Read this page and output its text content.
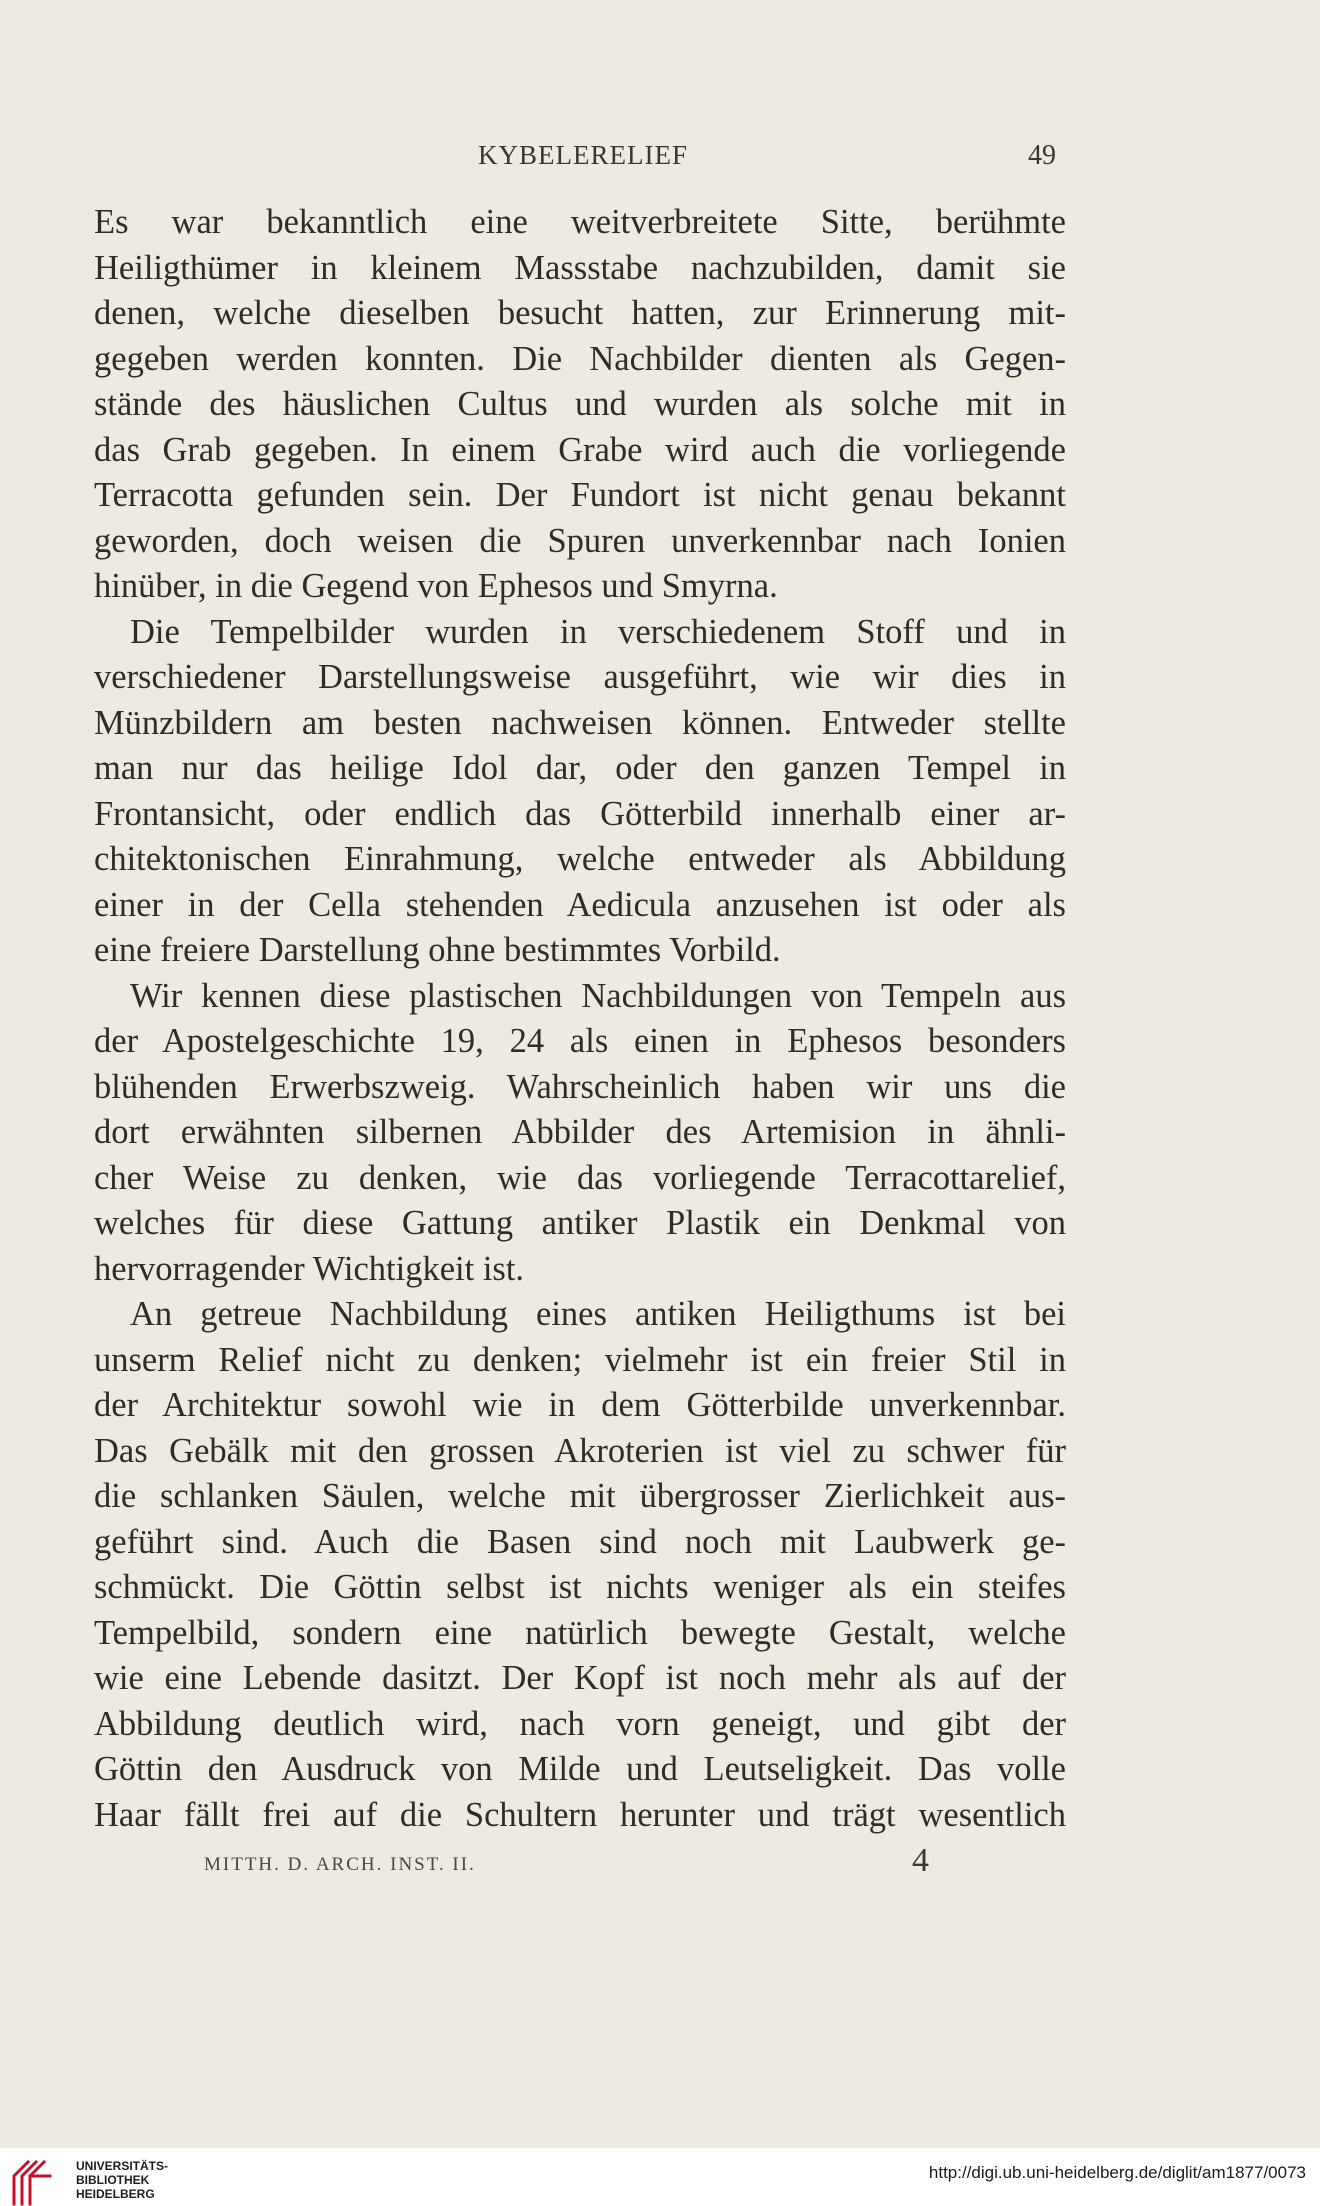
KYBELERELIEF	49
Es war bekanntlich eine weitverbreitete Sitte, berühmte
Heiligthümer in kleinem Massstabe nachzubilden, damit sie
denen, welche dieselben besucht hatten, zur Erinnerung mit-
gegeben werden konnten. Die Nachbilder dienten als Gegen-
stände des häuslichen Cultus und wurden als solche mit in
das Grab gegeben. In einem Grabe wird auch die vorliegende
Terracotta gefunden sein. Der Fundort ist nicht genau bekannt
geworden, doch weisen die Spuren unverkennbar nach Ionien
hinüber, in die Gegend von Ephesos und Smyrna.
Die Tempelbilder wurden in verschiedenem Stoff und in
verschiedener Darstellungsweise ausgeführt, wie wir dies in
Münzbildern am besten nachweisen können. Entweder stellte
man nur das heilige Idol dar, oder den ganzen Tempel in
Frontansicht, oder endlich das Götterbild innerhalb einer ar-
chitektonischen Einrahmung, welche entweder als Abbildung
einer in der Cella stehenden Aedicula anzusehen ist oder als
eine freiere Darstellung ohne bestimmtes Vorbild.
Wir kennen diese plastischen Nachbildungen von Tempeln aus
der Apostelgeschichte 19, 24 als einen in Ephesos besonders
blühenden Erwerbszweig. Wahrscheinlich haben wir uns die
dort erwähnten silbernen Abbilder des Artemision in ähnli-
cher Weise zu denken, wie das vorliegende Terracottarelief,
welches für diese Gattung antiker Plastik ein Denkmal von
hervorragender Wichtigkeit ist.
An getreue Nachbildung eines antiken Heiligthums ist bei
unserm Relief nicht zu denken; vielmehr ist ein freier Stil in
der Architektur sowohl wie in dem Götterbilde unverkennbar.
Das Gebälk mit den grossen Akroterien ist viel zu schwer für
die schlanken Säulen, welche mit übergrosser Zierlichkeit aus-
geführt sind. Auch die Basen sind noch mit Laubwerk ge-
schmückt. Die Göttin selbst ist nichts weniger als ein steifes
Tempelbild, sondern eine natürlich bewegte Gestalt, welche
wie eine Lebende dasitzt. Der Kopf ist noch mehr als auf der
Abbildung deutlich wird, nach vorn geneigt, und gibt der
Göttin den Ausdruck von Milde und Leutseligkeit. Das volle
Haar fällt frei auf die Schultern herunter und trägt wesentlich
MITTH. D. ARCH. INST. II.	4
UNIVERSITÄTS-
BIBLIOTHEK
HEIDELBERG
http://digi.ub.uni-heidelberg.de/diglit/am1877/0073
